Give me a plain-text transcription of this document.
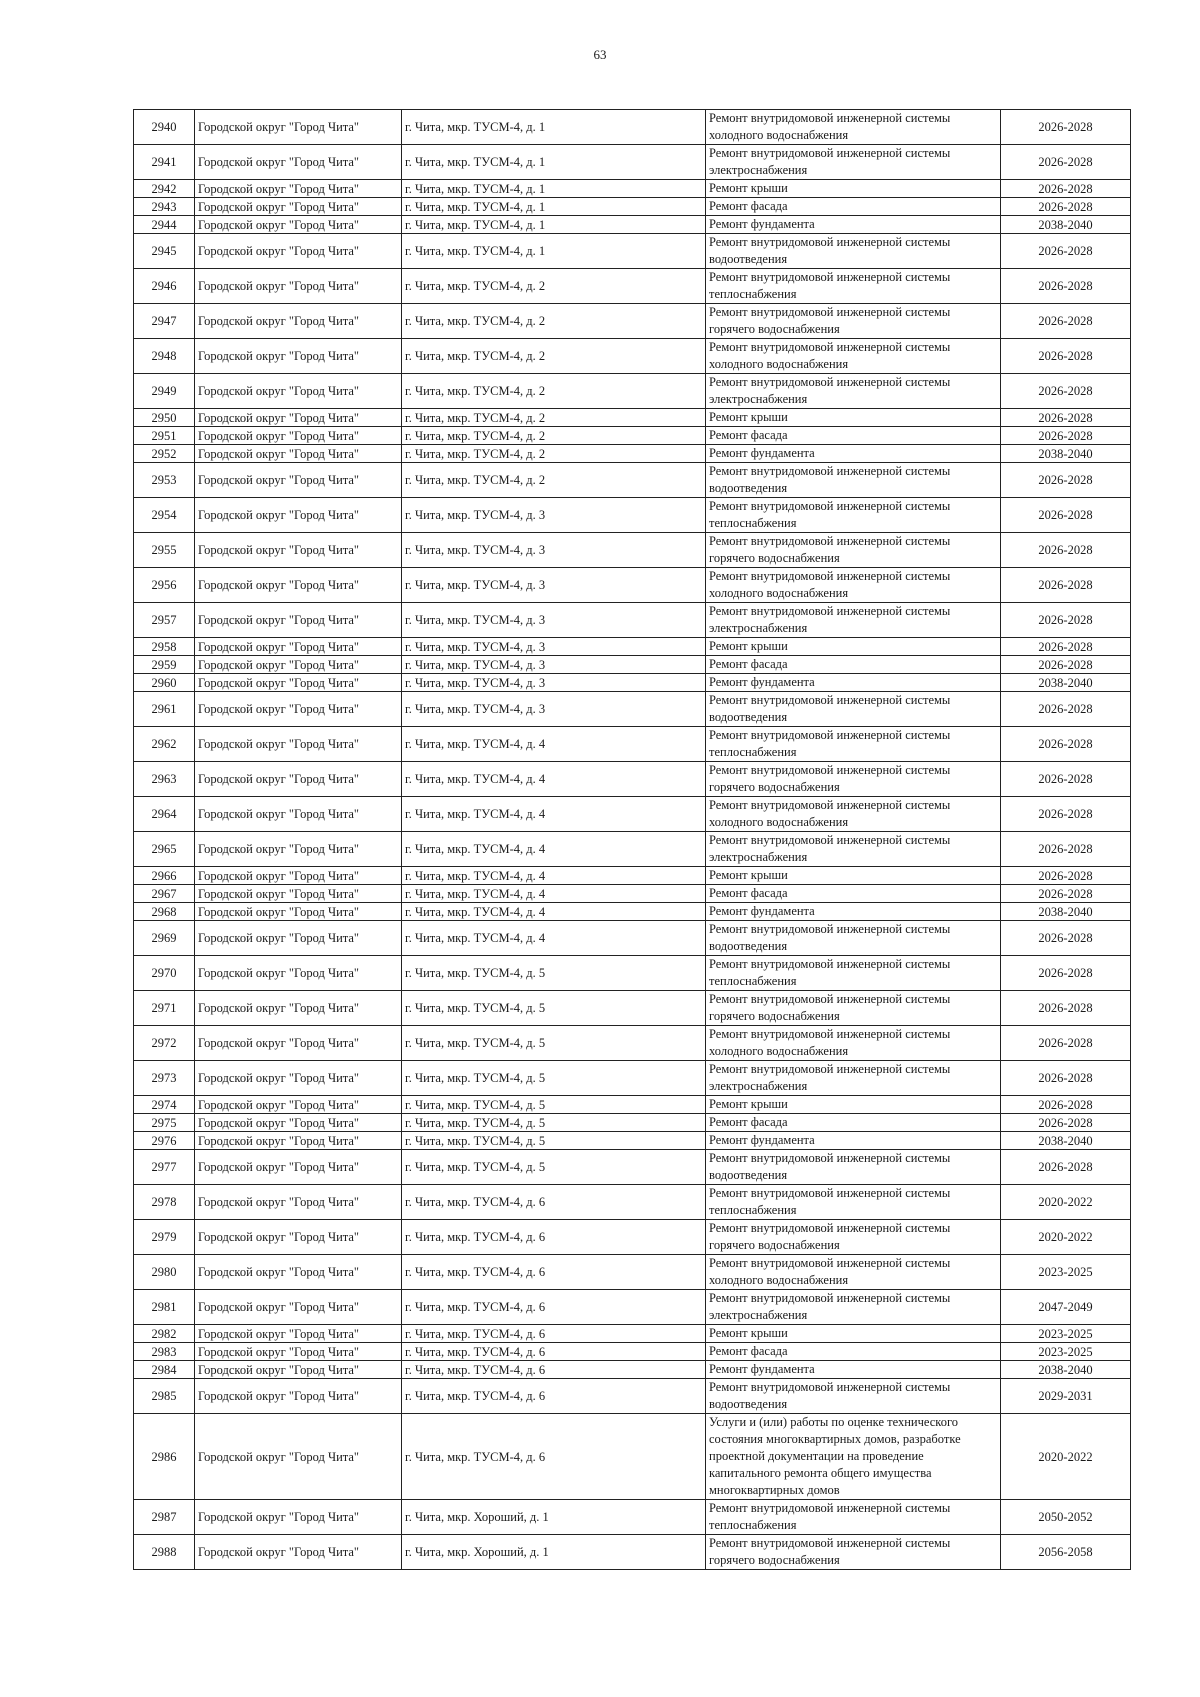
63
2940	Городской округ "Город Чита"	г. Чита, мкр. ТУСМ-4, д. 1	Ремонт внутридомовой инженерной системы холодного водоснабжения	2026-2028
2941	Городской округ "Город Чита"	г. Чита, мкр. ТУСМ-4, д. 1	Ремонт внутридомовой инженерной системы электроснабжения	2026-2028
2942	Городской округ "Город Чита"	г. Чита, мкр. ТУСМ-4, д. 1	Ремонт крыши	2026-2028
2943	Городской округ "Город Чита"	г. Чита, мкр. ТУСМ-4, д. 1	Ремонт фасада	2026-2028
2944	Городской округ "Город Чита"	г. Чита, мкр. ТУСМ-4, д. 1	Ремонт фундамента	2038-2040
2945	Городской округ "Город Чита"	г. Чита, мкр. ТУСМ-4, д. 1	Ремонт внутридомовой инженерной системы водоотведения	2026-2028
2946	Городской округ "Город Чита"	г. Чита, мкр. ТУСМ-4, д. 2	Ремонт внутридомовой инженерной системы теплоснабжения	2026-2028
2947	Городской округ "Город Чита"	г. Чита, мкр. ТУСМ-4, д. 2	Ремонт внутридомовой инженерной системы горячего водоснабжения	2026-2028
2948	Городской округ "Город Чита"	г. Чита, мкр. ТУСМ-4, д. 2	Ремонт внутридомовой инженерной системы холодного водоснабжения	2026-2028
2949	Городской округ "Город Чита"	г. Чита, мкр. ТУСМ-4, д. 2	Ремонт внутридомовой инженерной системы электроснабжения	2026-2028
2950	Городской округ "Город Чита"	г. Чита, мкр. ТУСМ-4, д. 2	Ремонт крыши	2026-2028
2951	Городской округ "Город Чита"	г. Чита, мкр. ТУСМ-4, д. 2	Ремонт фасада	2026-2028
2952	Городской округ "Город Чита"	г. Чита, мкр. ТУСМ-4, д. 2	Ремонт фундамента	2038-2040
2953	Городской округ "Город Чита"	г. Чита, мкр. ТУСМ-4, д. 2	Ремонт внутридомовой инженерной системы водоотведения	2026-2028
2954	Городской округ "Город Чита"	г. Чита, мкр. ТУСМ-4, д. 3	Ремонт внутридомовой инженерной системы теплоснабжения	2026-2028
2955	Городской округ "Город Чита"	г. Чита, мкр. ТУСМ-4, д. 3	Ремонт внутридомовой инженерной системы горячего водоснабжения	2026-2028
2956	Городской округ "Город Чита"	г. Чита, мкр. ТУСМ-4, д. 3	Ремонт внутридомовой инженерной системы холодного водоснабжения	2026-2028
2957	Городской округ "Город Чита"	г. Чита, мкр. ТУСМ-4, д. 3	Ремонт внутридомовой инженерной системы электроснабжения	2026-2028
2958	Городской округ "Город Чита"	г. Чита, мкр. ТУСМ-4, д. 3	Ремонт крыши	2026-2028
2959	Городской округ "Город Чита"	г. Чита, мкр. ТУСМ-4, д. 3	Ремонт фасада	2026-2028
2960	Городской округ "Город Чита"	г. Чита, мкр. ТУСМ-4, д. 3	Ремонт фундамента	2038-2040
2961	Городской округ "Город Чита"	г. Чита, мкр. ТУСМ-4, д. 3	Ремонт внутридомовой инженерной системы водоотведения	2026-2028
2962	Городской округ "Город Чита"	г. Чита, мкр. ТУСМ-4, д. 4	Ремонт внутридомовой инженерной системы теплоснабжения	2026-2028
2963	Городской округ "Город Чита"	г. Чита, мкр. ТУСМ-4, д. 4	Ремонт внутридомовой инженерной системы горячего водоснабжения	2026-2028
2964	Городской округ "Город Чита"	г. Чита, мкр. ТУСМ-4, д. 4	Ремонт внутридомовой инженерной системы холодного водоснабжения	2026-2028
2965	Городской округ "Город Чита"	г. Чита, мкр. ТУСМ-4, д. 4	Ремонт внутридомовой инженерной системы электроснабжения	2026-2028
2966	Городской округ "Город Чита"	г. Чита, мкр. ТУСМ-4, д. 4	Ремонт крыши	2026-2028
2967	Городской округ "Город Чита"	г. Чита, мкр. ТУСМ-4, д. 4	Ремонт фасада	2026-2028
2968	Городской округ "Город Чита"	г. Чита, мкр. ТУСМ-4, д. 4	Ремонт фундамента	2038-2040
2969	Городской округ "Город Чита"	г. Чита, мкр. ТУСМ-4, д. 4	Ремонт внутридомовой инженерной системы водоотведения	2026-2028
2970	Городской округ "Город Чита"	г. Чита, мкр. ТУСМ-4, д. 5	Ремонт внутридомовой инженерной системы теплоснабжения	2026-2028
2971	Городской округ "Город Чита"	г. Чита, мкр. ТУСМ-4, д. 5	Ремонт внутридомовой инженерной системы горячего водоснабжения	2026-2028
2972	Городской округ "Город Чита"	г. Чита, мкр. ТУСМ-4, д. 5	Ремонт внутридомовой инженерной системы холодного водоснабжения	2026-2028
2973	Городской округ "Город Чита"	г. Чита, мкр. ТУСМ-4, д. 5	Ремонт внутридомовой инженерной системы электроснабжения	2026-2028
2974	Городской округ "Город Чита"	г. Чита, мкр. ТУСМ-4, д. 5	Ремонт крыши	2026-2028
2975	Городской округ "Город Чита"	г. Чита, мкр. ТУСМ-4, д. 5	Ремонт фасада	2026-2028
2976	Городской округ "Город Чита"	г. Чита, мкр. ТУСМ-4, д. 5	Ремонт фундамента	2038-2040
2977	Городской округ "Город Чита"	г. Чита, мкр. ТУСМ-4, д. 5	Ремонт внутридомовой инженерной системы водоотведения	2026-2028
2978	Городской округ "Город Чита"	г. Чита, мкр. ТУСМ-4, д. 6	Ремонт внутридомовой инженерной системы теплоснабжения	2020-2022
2979	Городской округ "Город Чита"	г. Чита, мкр. ТУСМ-4, д. 6	Ремонт внутридомовой инженерной системы горячего водоснабжения	2020-2022
2980	Городской округ "Город Чита"	г. Чита, мкр. ТУСМ-4, д. 6	Ремонт внутридомовой инженерной системы холодного водоснабжения	2023-2025
2981	Городской округ "Город Чита"	г. Чита, мкр. ТУСМ-4, д. 6	Ремонт внутридомовой инженерной системы электроснабжения	2047-2049
2982	Городской округ "Город Чита"	г. Чита, мкр. ТУСМ-4, д. 6	Ремонт крыши	2023-2025
2983	Городской округ "Город Чита"	г. Чита, мкр. ТУСМ-4, д. 6	Ремонт фасада	2023-2025
2984	Городской округ "Город Чита"	г. Чита, мкр. ТУСМ-4, д. 6	Ремонт фундамента	2038-2040
2985	Городской округ "Город Чита"	г. Чита, мкр. ТУСМ-4, д. 6	Ремонт внутридомовой инженерной системы водоотведения	2029-2031
2986	Городской округ "Город Чита"	г. Чита, мкр. ТУСМ-4, д. 6	Услуги и (или) работы по оценке технического состояния многоквартирных домов, разработке проектной документации на проведение капитального ремонта общего имущества многоквартирных домов	2020-2022
2987	Городской округ "Город Чита"	г. Чита, мкр. Хороший, д. 1	Ремонт внутридомовой инженерной системы теплоснабжения	2050-2052
2988	Городской округ "Город Чита"	г. Чита, мкр. Хороший, д. 1	Ремонт внутридомовой инженерной системы горячего водоснабжения	2056-2058
